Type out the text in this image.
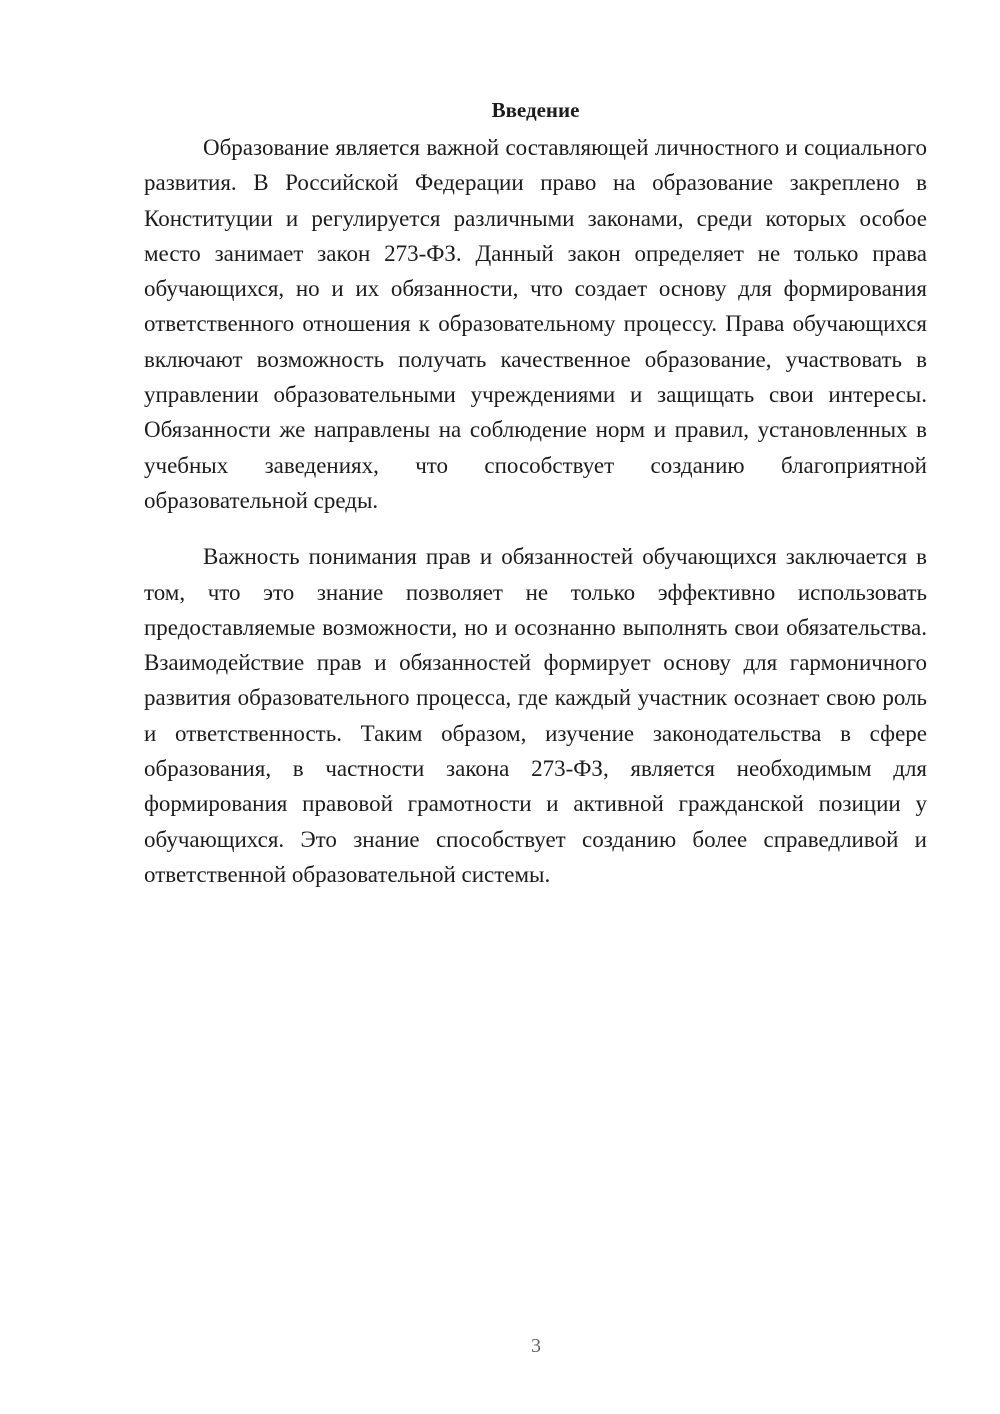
Введение

Образование является важной составляющей личностного и социального развития. В Российской Федерации право на образование закреплено в Конституции и регулируется различными законами, среди которых особое место занимает закон 273-ФЗ. Данный закон определяет не только права обучающихся, но и их обязанности, что создает основу для формирования ответственного отношения к образовательному процессу. Права обучающихся включают возможность получать качественное образование, участвовать в управлении образовательными учреждениями и защищать свои интересы. Обязанности же направлены на соблюдение норм и правил, установленных в учебных заведениях, что способствует созданию благоприятной образовательной среды.

Важность понимания прав и обязанностей обучающихся заключается в том, что это знание позволяет не только эффективно использовать предоставляемые возможности, но и осознанно выполнять свои обязательства. Взаимодействие прав и обязанностей формирует основу для гармоничного развития образовательного процесса, где каждый участник осознает свою роль и ответственность. Таким образом, изучение законодательства в сфере образования, в частности закона 273-ФЗ, является необходимым для формирования правовой грамотности и активной гражданской позиции у обучающихся. Это знание способствует созданию более справедливой и ответственной образовательной системы.

3
